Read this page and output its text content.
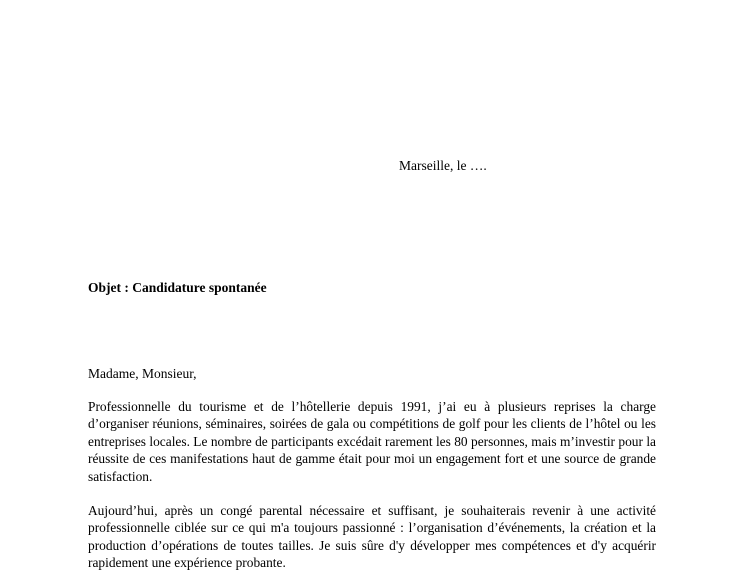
Marseille, le ….
Objet : Candidature spontanée
Madame, Monsieur,

Professionnelle du tourisme et de l’hôtellerie depuis 1991, j’ai eu à plusieurs reprises la charge d’organiser réunions, séminaires, soirées de gala ou compétitions de golf pour les clients de l’hôtel ou les entreprises locales. Le nombre de participants excédait rarement les 80 personnes, mais m’investir pour la réussite de ces manifestations haut de gamme était pour moi un engagement fort et une source de grande satisfaction.

Aujourd’hui, après un congé parental nécessaire et suffisant, je souhaiterais revenir à une activité professionnelle ciblée sur ce qui m'a toujours passionné : l’organisation d’événements, la création et la production d’opérations de toutes tailles. Je suis sûre d'y développer mes compétences et d'y acquérir rapidement une expérience probante.
